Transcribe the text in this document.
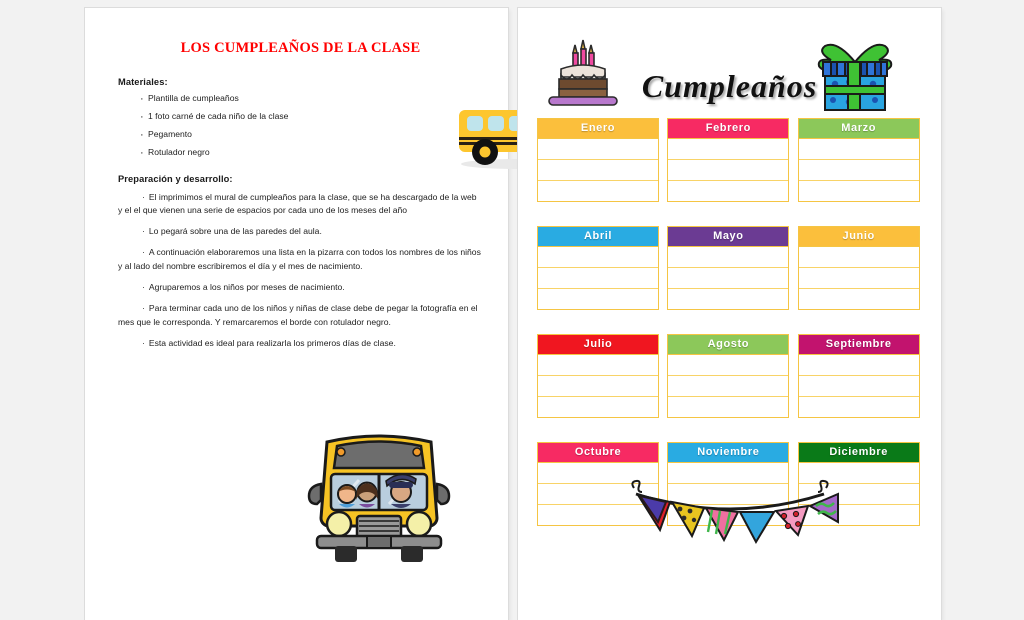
LOS CUMPLEAÑOS DE LA CLASE
Materiales:
· Plantilla de cumpleaños
· 1 foto carné de cada niño de la clase
· Pegamento
· Rotulador negro
Preparación y desarrollo:

· El imprimimos el mural de cumpleaños para la clase, que se ha descargado de la web y el el que vienen una serie de espacios por cada uno de los meses del año

· Lo pegará sobre una de las paredes del aula.

· A continuación elaboraremos una lista en la pizarra con todos los nombres de los niños y al lado del nombre escribiremos el día y el mes de nacimiento.

· Agruparemos a los niños por meses de nacimiento.

· Para terminar cada uno de los niños y niñas de clase debe de pegar la fotografía en el mes que le corresponda. Y remarcaremos el borde con rotulador negro.

· Esta actividad es ideal para realizarla los primeros días de clase.

Cumpleaños
Enero	Febrero	Marzo
Abril	Mayo	Junio
Julio	Agosto	Septiembre
Octubre	Noviembre	Diciembre
